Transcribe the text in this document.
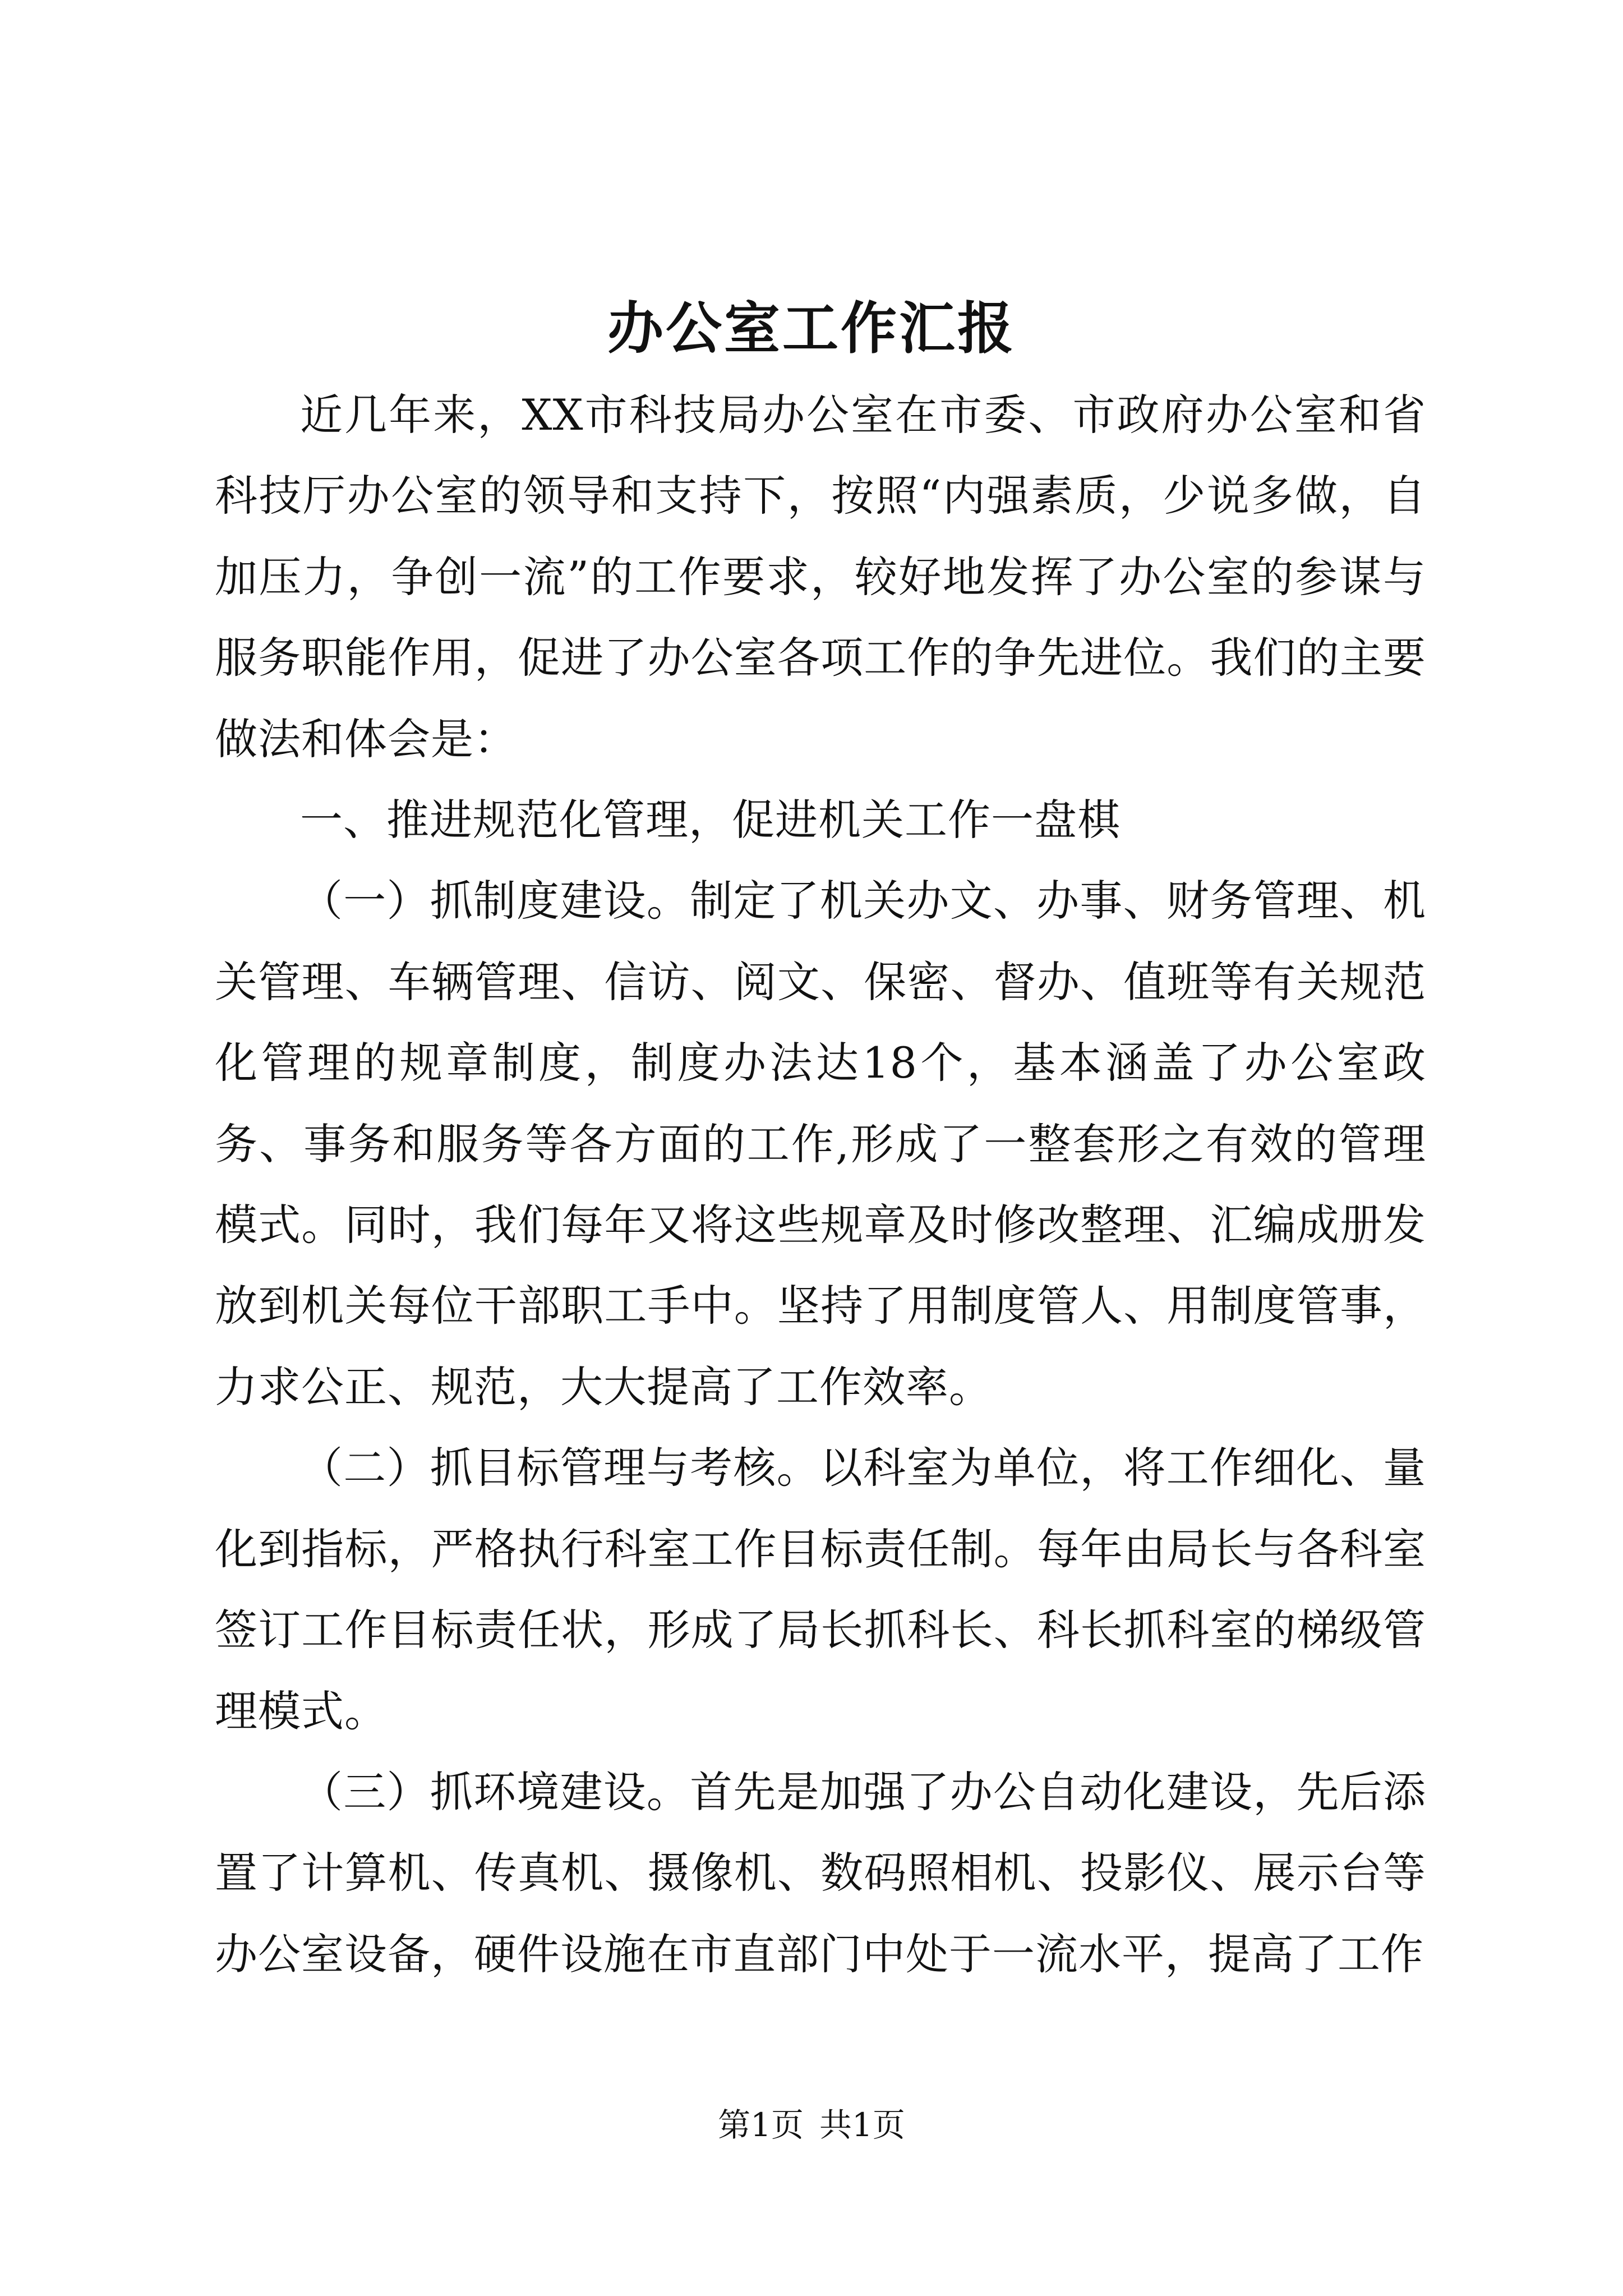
办公室工作汇报

近几年来，XX市科技局办公室在市委、市政府办公室和省科技厅办公室的领导和支持下，按照“内强素质，少说多做，自加压力，争创一流”的工作要求，较好地发挥了办公室的参谋与服务职能作用，促进了办公室各项工作的争先进位。我们的主要做法和体会是：

一、推进规范化管理，促进机关工作一盘棋

（一）抓制度建设。制定了机关办文、办事、财务管理、机关管理、车辆管理、信访、阅文、保密、督办、值班等有关规范化管理的规章制度，制度办法达18个，基本涵盖了办公室政务、事务和服务等各方面的工作,形成了一整套形之有效的管理模式。同时，我们每年又将这些规章及时修改整理、汇编成册发放到机关每位干部职工手中。坚持了用制度管人、用制度管事，力求公正、规范，大大提高了工作效率。

（二）抓目标管理与考核。以科室为单位，将工作细化、量化到指标，严格执行科室工作目标责任制。每年由局长与各科室签订工作目标责任状，形成了局长抓科长、科长抓科室的梯级管理模式。

（三）抓环境建设。首先是加强了办公自动化建设，先后添置了计算机、传真机、摄像机、数码照相机、投影仪、展示台等办公室设备，硬件设施在市直部门中处于一流水平，提高了工作

第1页 共1页
